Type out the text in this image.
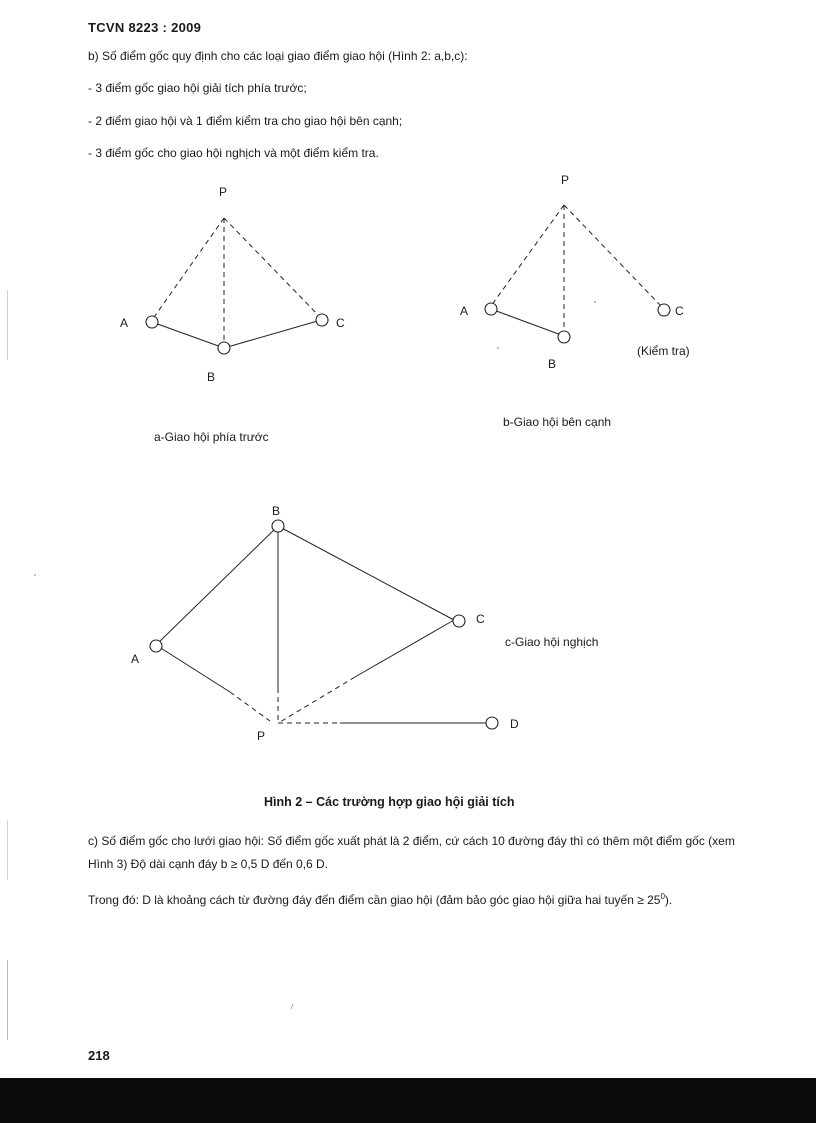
TCVN 8223 : 2009
b) Số điểm gốc quy định cho các loại giao điểm giao hội (Hình 2: a,b,c):
- 3 điểm gốc giao hội giải tích phía trước;
- 2 điểm giao hội và 1 điểm kiểm tra cho giao hội bên cạnh;
- 3 điểm gốc cho giao hội nghịch và một điểm kiểm tra.
P
A
B
C
P
A
B
C
(Kiểm tra)
B
A
C
P
D
c-Giao hội nghịch
a-Giao hội phía trước
b-Giao hội bên cạnh
Hình 2 – Các trường hợp giao hội giải tích
c) Số điểm gốc cho lưới giao hội: Số điểm gốc xuất phát là 2 điểm, cứ cách 10 đường đáy thì có thêm một điểm gốc (xem Hình 3) Độ dài cạnh đáy b ≥ 0,5 D đến 0,6 D.
Trong đó: D là khoảng cách từ đường đáy đến điểm cần giao hội (đảm bảo góc giao hội giữa hai tuyến ≥ $25^0$).
218
